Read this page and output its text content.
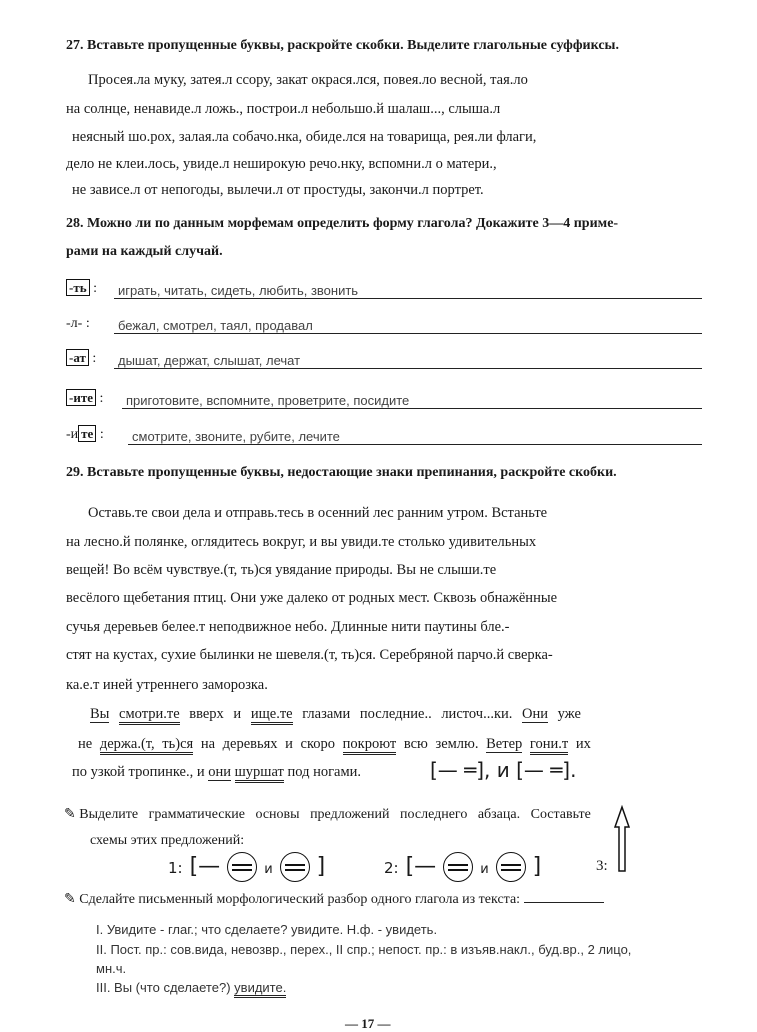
27. Вставьте пропущенные буквы, раскройте скобки. Выделите глагольные суффиксы.
Просея.ла муку, затея.л ссору, закат окрася.лся, повея.ло весной, тая.ло
на солнце, ненавиде.л ложь., построи.л небольшо.й шалаш..., слыша.л
неясный шо.рох, залая.ла собачо.нка, обиде.лся на товарища, рея.ли флаги,
дело не клеи.лось, увиде.л неширокую речо.нку, вспомни.л о матери.,
не зависе.л от непогоды, вылечи.л от простуды, закончи.л портрет.
28. Можно ли по данным морфемам определить форму глагола? Докажите 3—4 приме-
рами на каждый случай.
-ть :	играть, читать, сидеть, любить, звонить
-л- :	бежал, смотрел, таял, продавал
-ат :	дышат, держат, слышат, лечат
-ите :	приготовите, вспомните, проветрите, посидите
-и те :	смотрите, звоните, рубите, лечите
29. Вставьте пропущенные буквы, недостающие знаки препинания, раскройте скобки.
Оставь.те свои дела и отправь.тесь в осенний лес ранним утром. Встаньте
на лесно.й полянке, оглядитесь вокруг, и вы увиди.те столько удивительных
вещей! Во всём чувствуе.(т, ть)ся увядание природы. Вы не слыши.те
весёлого щебетания птиц. Они уже далеко от родных мест. Сквозь обнажённые
сучья деревьев белее.т неподвижное небо. Длинные нити паутины бле.-
стят на кустах, сухие былинки не шевеля.(т, ть)ся. Серебряной парчо.й сверка-
ка.е.т иней утреннего заморозка.
Вы смотри.те вверх и ище.те глазами последние.. листоч...ки. Они уже
не держа.(т, ть)ся на деревьях и скоро покроют всю землю. Ветер гони.т их
по узкой тропинке., и они шуршат под ногами.	[— ═], и [— ═].
✎ Выделите грамматические основы предложений последнего абзаца. Составьте
схемы этих предложений:
1: [—	и  ]	2: [—	и  ]	3:
✎ Сделайте письменный морфологический разбор одного глагола из текста:
I. Увидите - глаг.; что сделаете? увидите. Н.ф. - увидеть.
II. Пост. пр.: сов.вида, невозвр., перех., II спр.; непост. пр.: в изъяв.накл., буд.вр., 2 лицо,
мн.ч.
III. Вы (что сделаете?) увидите.
— 17 —
